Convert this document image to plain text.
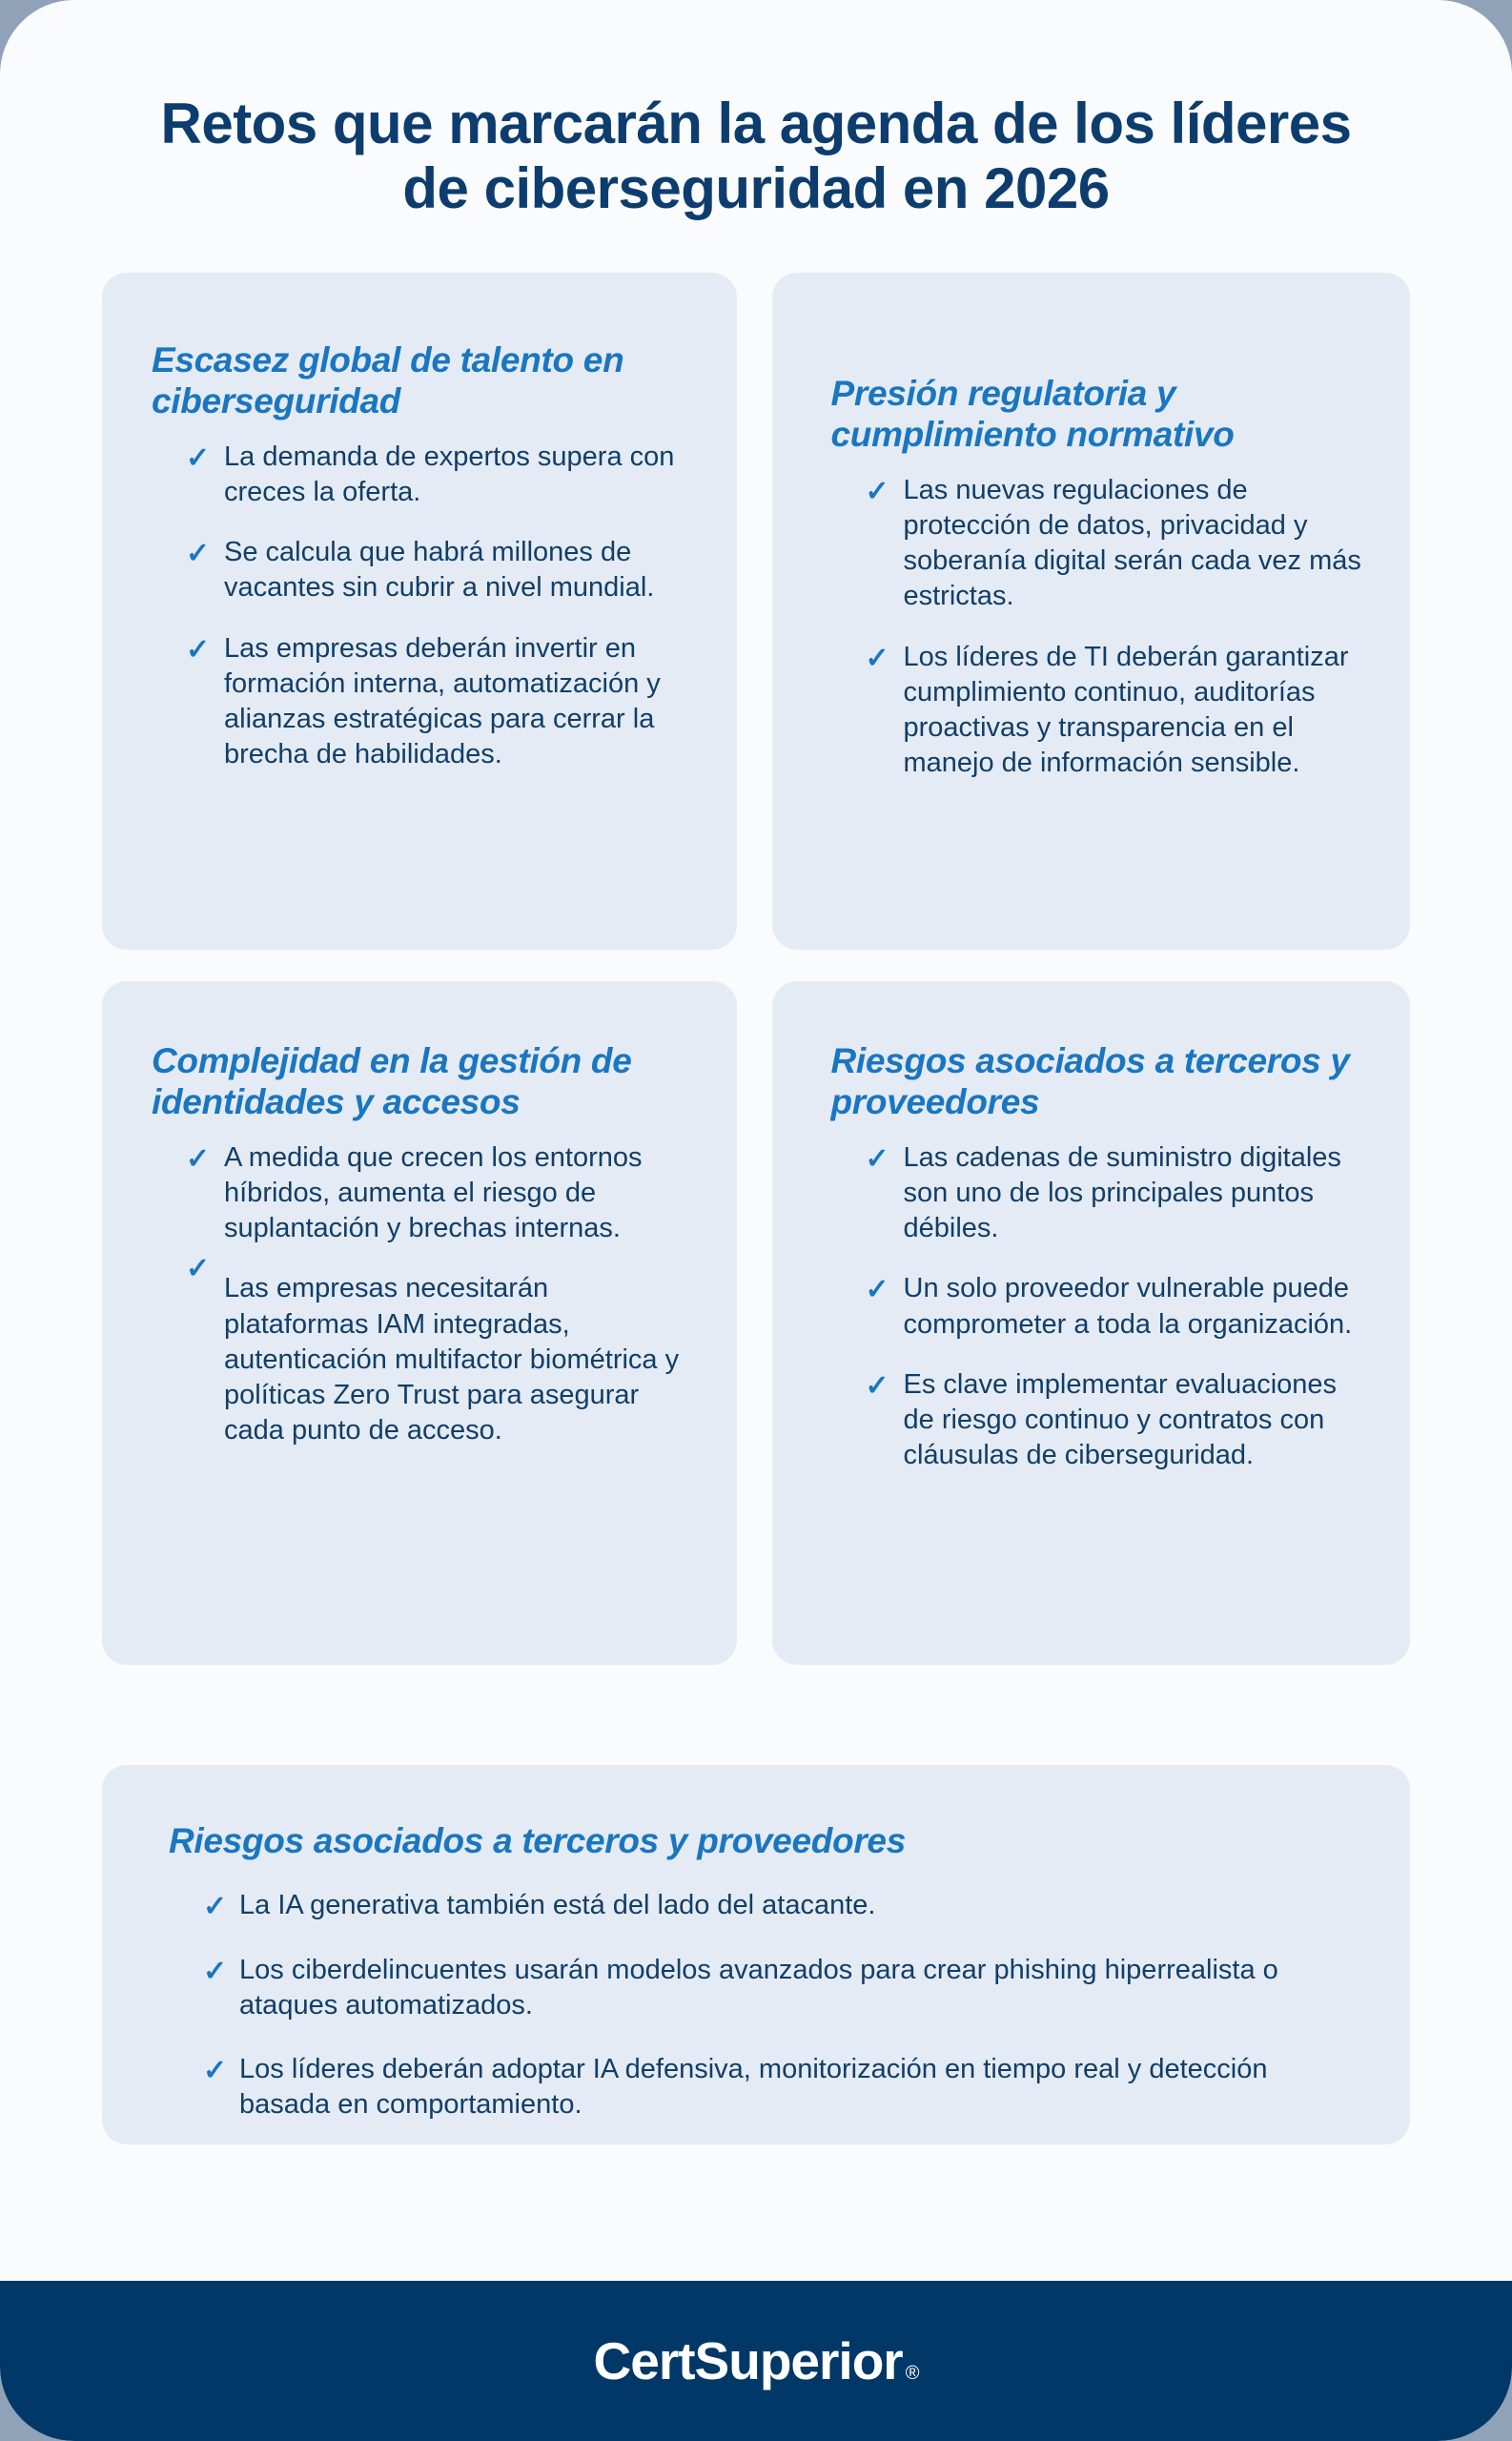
Retos que marcarán la agenda de los líderes de ciberseguridad en 2026
Escasez global de talento en ciberseguridad
✓ La demanda de expertos supera con creces la oferta.
✓ Se calcula que habrá millones de vacantes sin cubrir a nivel mundial.
✓ Las empresas deberán invertir en formación interna, automatización y alianzas estratégicas para cerrar la brecha de habilidades.
Presión regulatoria y cumplimiento normativo
✓ Las nuevas regulaciones de protección de datos, privacidad y soberanía digital serán cada vez más estrictas.
✓ Los líderes de TI deberán garantizar cumplimiento continuo, auditorías proactivas y transparencia en el manejo de información sensible.
Complejidad en la gestión de identidades y accesos
✓
✓ A medida que crecen los entornos híbridos, aumenta el riesgo de suplantación y brechas internas.
Las empresas necesitarán plataformas IAM integradas, autenticación multifactor biométrica y políticas Zero Trust para asegurar cada punto de acceso.
Riesgos asociados a terceros y proveedores
✓ Las cadenas de suministro digitales son uno de los principales puntos débiles.
✓ Un solo proveedor vulnerable puede comprometer a toda la organización.
✓ Es clave implementar evaluaciones de riesgo continuo y contratos con cláusulas de ciberseguridad.
Riesgos asociados a terceros y proveedores
✓ La IA generativa también está del lado del atacante.
✓ Los ciberdelincuentes usarán modelos avanzados para crear phishing hiperrealista o ataques automatizados.
✓ Los líderes deberán adoptar IA defensiva, monitorización en tiempo real y detección basada en comportamiento.
CertSuperior ®
